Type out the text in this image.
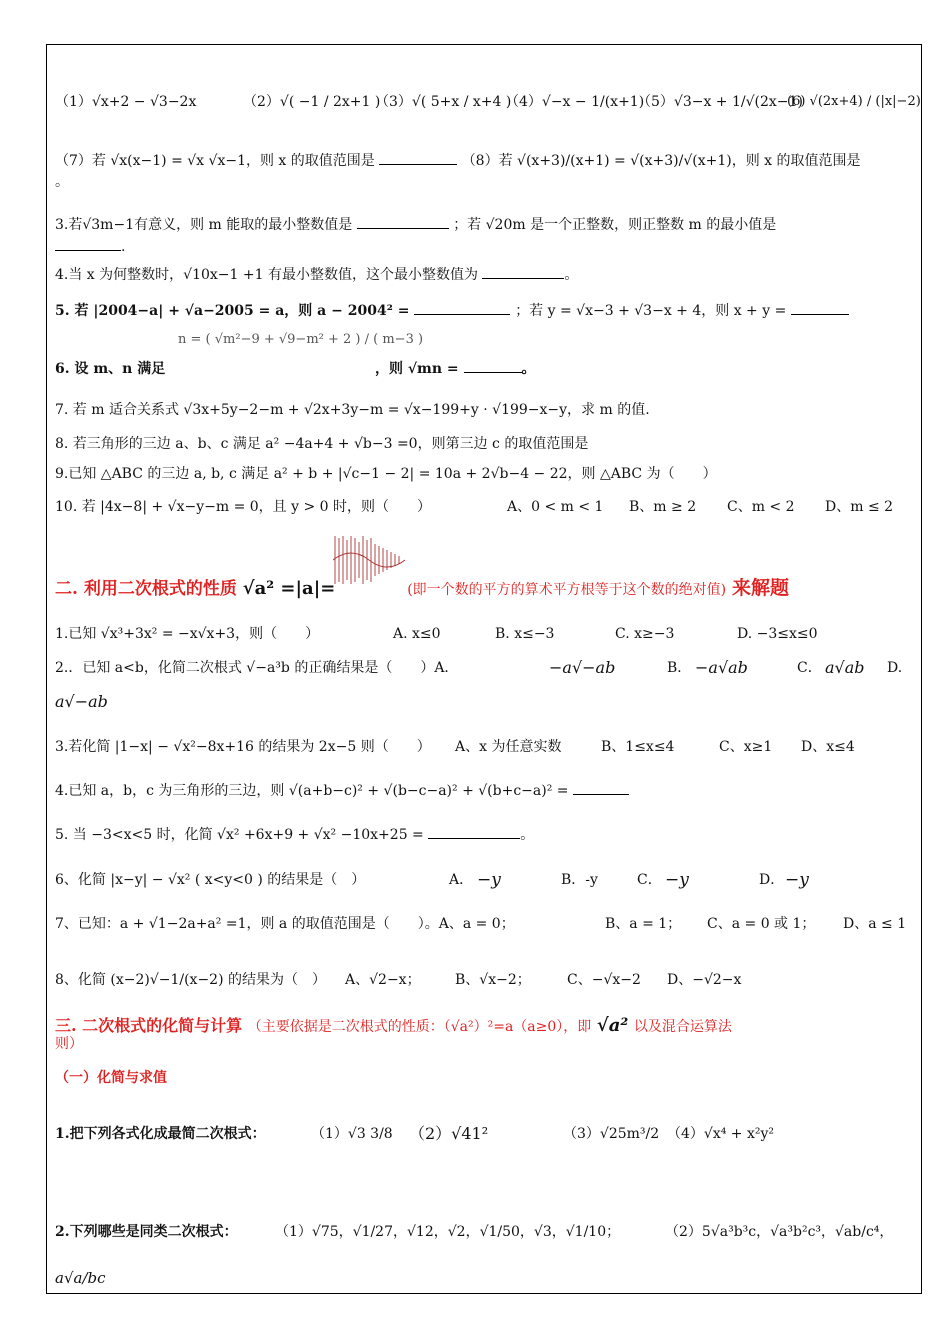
（1）√x+2 − √3−2x	（2）√( −1 / 2x+1 )
（3）√( 5+x / x+4 )
（4）√−x − 1/(x+1)
（5）√3−x + 1/√(2x−1)
(6) √(2x+4) / (|x|−2)
（7）若 √x(x−1) = √x √x−1，则 x 的取值范围是	（8）若 √(x+3)/(x+1) = √(x+3)/√(x+1)，则 x 的取值范围是
。
3.若√3m−1有意义，则 m 能取的最小整数值是	；若 √20m 是一个正整数，则正整数 m 的最小值是
.
4.当 x 为何整数时，√10x−1 +1 有最小整数值，这个最小整数值为	。
5. 若 |2004−a| + √a−2005 = a，则 a − 2004² =	；若 y = √x−3 + √3−x + 4，则 x + y =
n = ( √m²−9 + √9−m² + 2 ) / ( m−3 )
6. 设 m、n 满足	，则 √mn =	。
7. 若 m 适合关系式 √3x+5y−2−m + √2x+3y−m = √x−199+y · √199−x−y，求 m 的值.
8. 若三角形的三边 a、b、c 满足 a² −4a+4 + √b−3 =0，则第三边 c 的取值范围是
9.已知 △ABC 的三边 a, b, c 满足 a² + b + |√c−1 − 2| = 10a + 2√b−4 − 22，则 △ABC 为（　　）
10. 若 |4x−8| + √x−y−m = 0，且 y > 0 时，则（　　）	A、0 < m < 1 B、m ≥ 2 C、m < 2 D、m ≤ 2
二. 利用二次根式的性质 √a² =|a|=	(即一个数的平方的算术平方根等于这个数的绝对值) 来解题
1.已知 √x³+3x² = −x√x+3，则（　　）	A. x≤0	B. x≤−3	C. x≥−3	D. −3≤x≤0
2.．已知 a<b，化简二次根式 √−a³b 的正确结果是（　　）A．	−a√−ab	B． −a√ab	C． a√ab D.
a√−ab
3.若化简 |1−x| − √x²−8x+16 的结果为 2x−5 则（　　） A、x 为任意实数	B、1≤x≤4	C、x≥1 D、x≤4
4.已知 a，b，c 为三角形的三边，则 √(a+b−c)² + √(b−c−a)² + √(b+c−a)² =
5. 当 −3<x<5 时，化简 √x² +6x+9 + √x² −10x+25 =	。
6、化简 |x−y| − √x² ( x<y<0 ) 的结果是（　）	A． −y	B．-y	C． −y	D． −y
7、已知：a + √1−2a+a² =1，则 a 的取值范围是（　　）。A、a = 0；	B、a = 1； C、a = 0 或 1； D、a ≤ 1
8、化简 (x−2)√−1/(x−2) 的结果为（　） A、√2−x； B、√x−2；	C、−√x−2 D、−√2−x
三. 二次根式的化简与计算 （主要依据是二次根式的性质：（√a²）²=a（a≥0），即 √a² 以及混合运算法
则）
（一）化简与求值
1.把下列各式化成最简二次根式：	（1）√3 3/8 （2）√41²	（3）√25m³/2 （4）√x⁴ + x²y²
2.下列哪些是同类二次根式：	（1）√75，√1/27，√12，√2，√1/50，√3，√1/10；	（2）5√a³b³c，√a³b²c³，√ab/c⁴，
a√a/bc
